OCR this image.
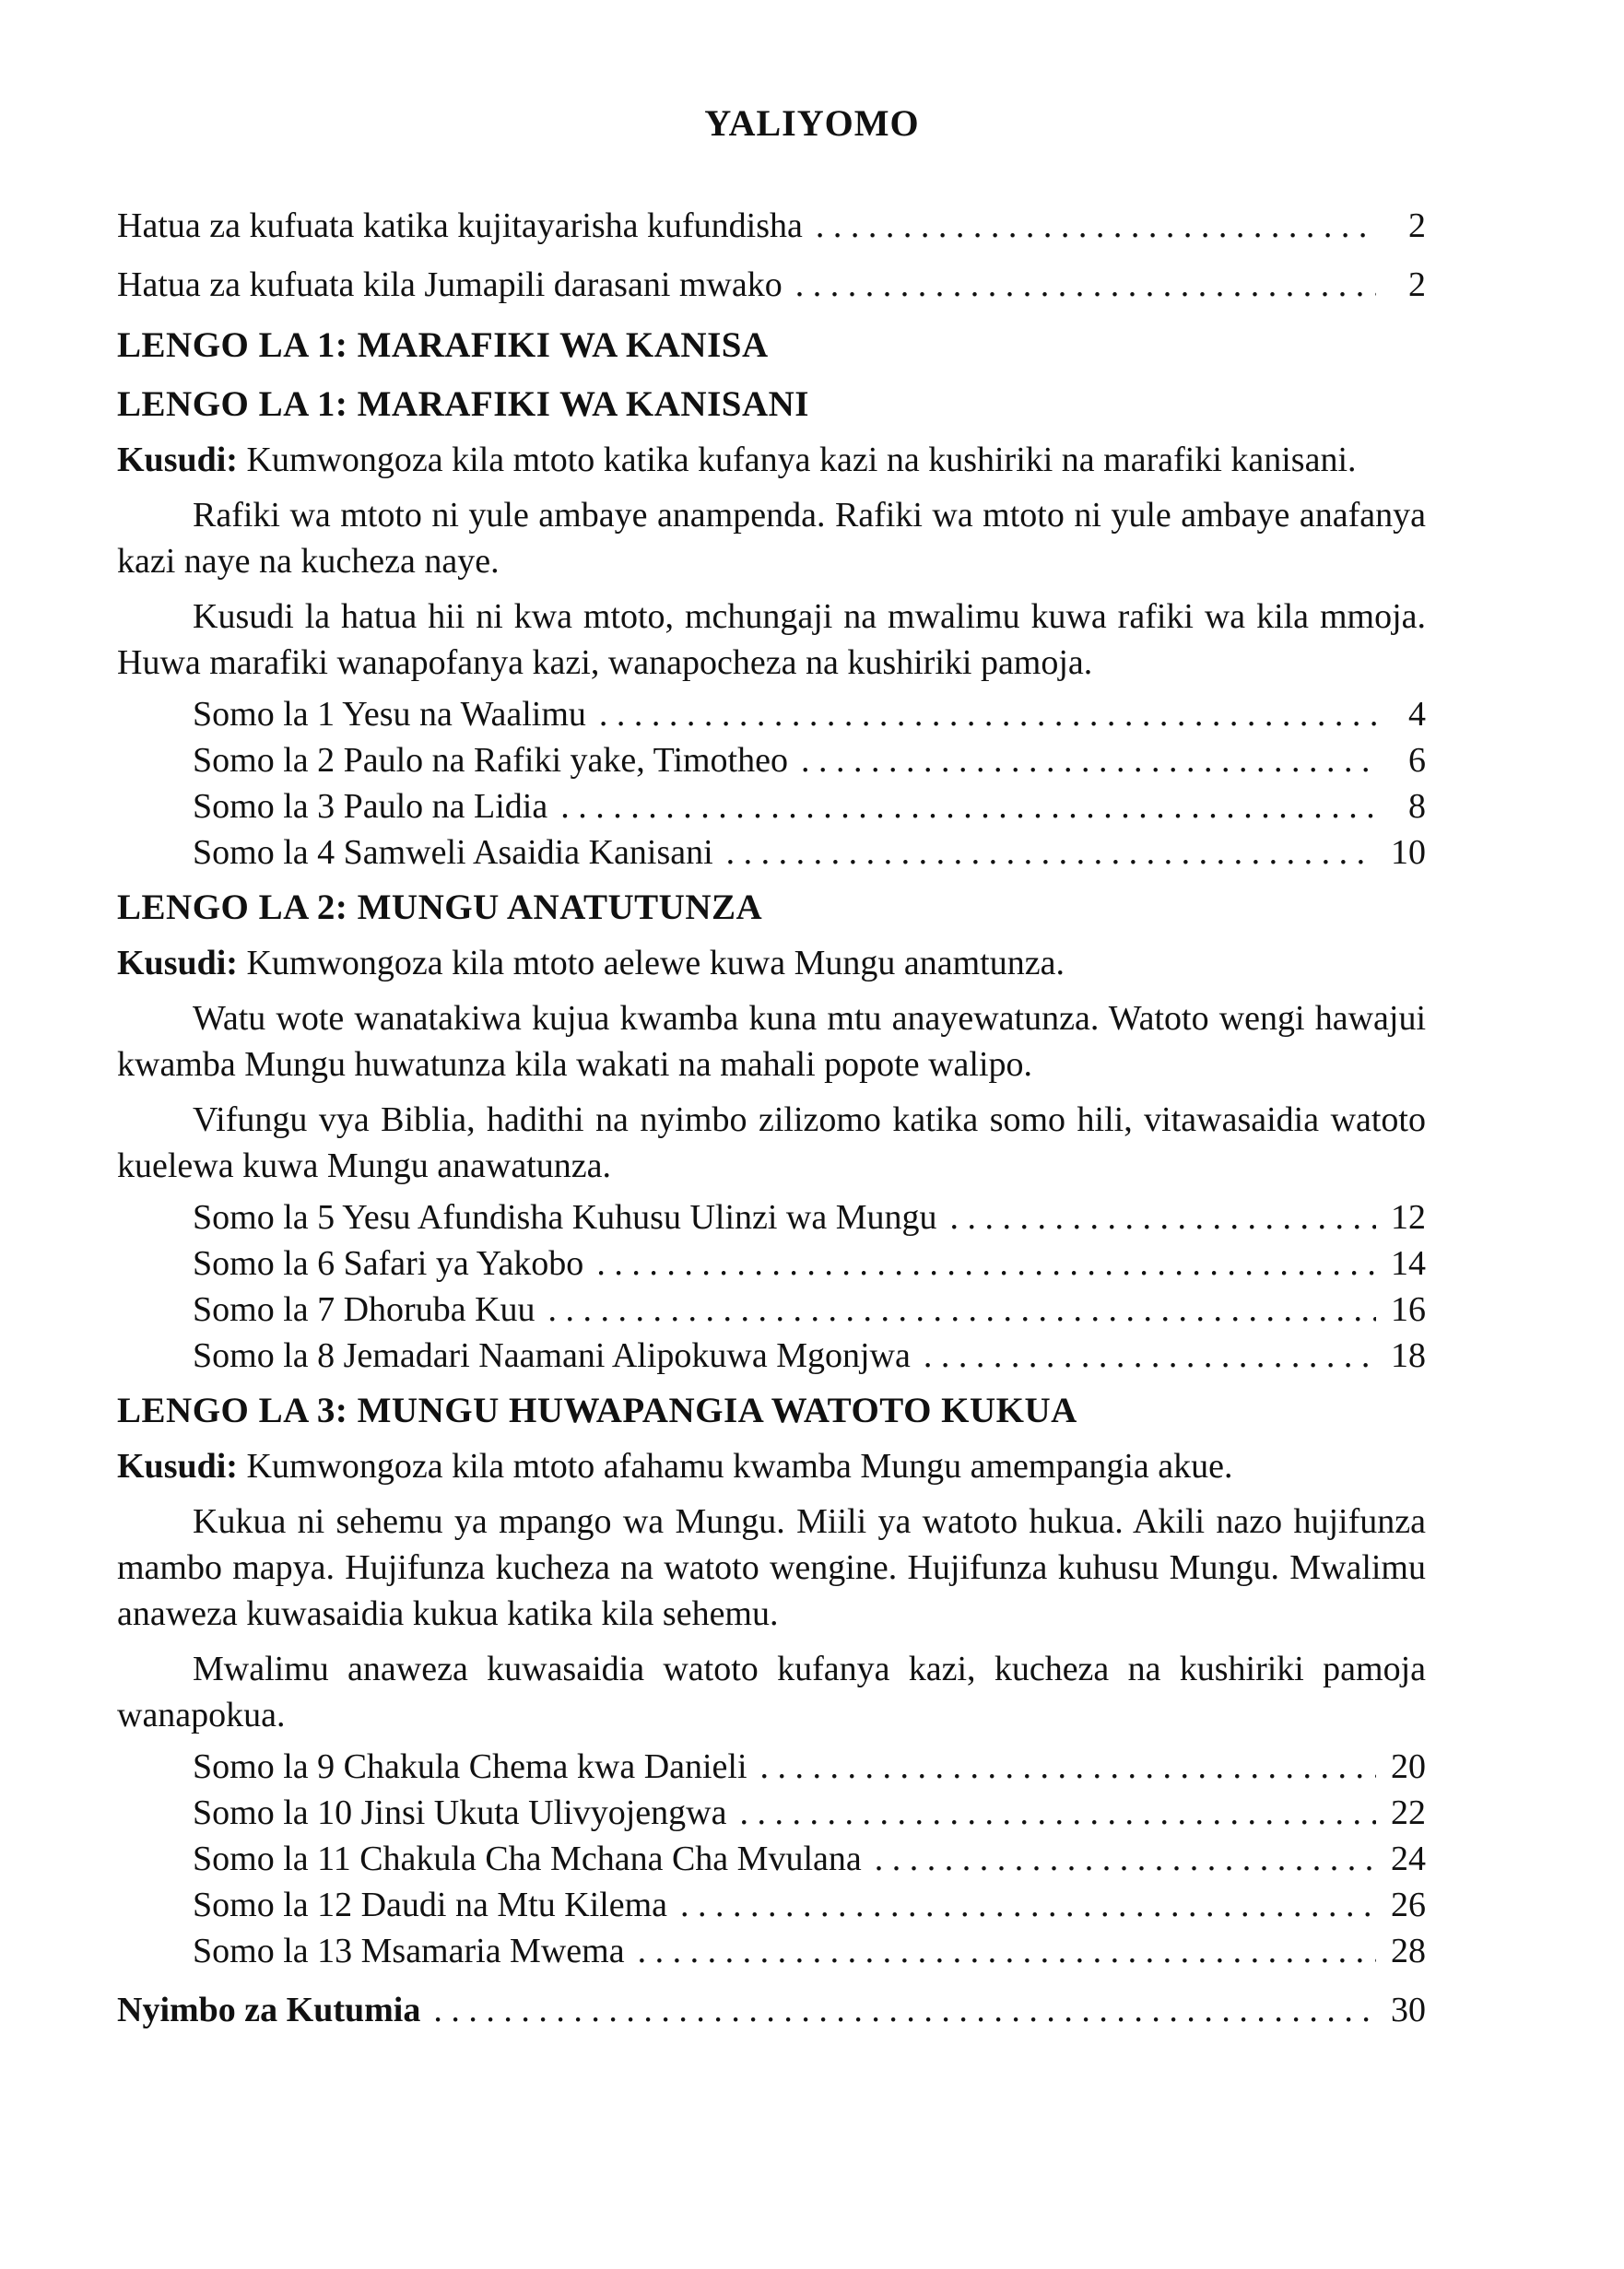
YALIYOMO
Hatua za kufuata katika kujitayarisha kufundisha . . .	2
Hatua za kufuata kila Jumapili darasani mwako . . .	2
LENGO LA 1: MARAFIKI WA KANISA
LENGO LA 1: MARAFIKI WA KANISANI
Kusudi: Kumwongoza kila mtoto katika kufanya kazi na kushiriki na marafiki kanisani.
Rafiki wa mtoto ni yule ambaye anampenda. Rafiki wa mtoto ni yule ambaye anafanya kazi naye na kucheza naye.
Kusudi la hatua hii ni kwa mtoto, mchungaji na mwalimu kuwa rafiki wa kila mmoja. Huwa marafiki wanapofanya kazi, wanapocheza na kushiriki pamoja.
Somo la 1 Yesu na Waalimu . . .	4
Somo la 2 Paulo na Rafiki yake, Timotheo . . .	6
Somo la 3 Paulo na Lidia . . .	8
Somo la 4 Samweli Asaidia Kanisani . . .	10
LENGO LA 2: MUNGU ANATUTUNZA
Kusudi: Kumwongoza kila mtoto aelewe kuwa Mungu anamtunza.
Watu wote wanatakiwa kujua kwamba kuna mtu anayewatunza. Watoto wengi hawajui kwamba Mungu huwatunza kila wakati na mahali popote walipo.
Vifungu vya Biblia, hadithi na nyimbo zilizomo katika somo hili, vitawasaidia watoto kuelewa kuwa Mungu anawatunza.
Somo la 5 Yesu Afundisha Kuhusu Ulinzi wa Mungu . . .	12
Somo la 6 Safari ya Yakobo . . .	14
Somo la 7 Dhoruba Kuu . . .	16
Somo la 8 Jemadari Naamani Alipokuwa Mgonjwa . . .	18
LENGO LA 3: MUNGU HUWAPANGIA WATOTO KUKUA
Kusudi: Kumwongoza kila mtoto afahamu kwamba Mungu amempangia akue.
Kukua ni sehemu ya mpango wa Mungu. Miili ya watoto hukua. Akili nazo hujifunza mambo mapya. Hujifunza kucheza na watoto wengine. Hujifunza kuhusu Mungu. Mwalimu anaweza kuwasaidia kukua katika kila sehemu.
Mwalimu anaweza kuwasaidia watoto kufanya kazi, kucheza na kushiriki pamoja wanapokua.
Somo la 9 Chakula Chema kwa Danieli . . .	20
Somo la 10 Jinsi Ukuta Ulivyojengwa . . .	22
Somo la 11 Chakula Cha Mchana Cha Mvulana . . .	24
Somo la 12 Daudi na Mtu Kilema . . .	26
Somo la 13 Msamaria Mwema . . .	28
Nyimbo za Kutumia . . .	30
